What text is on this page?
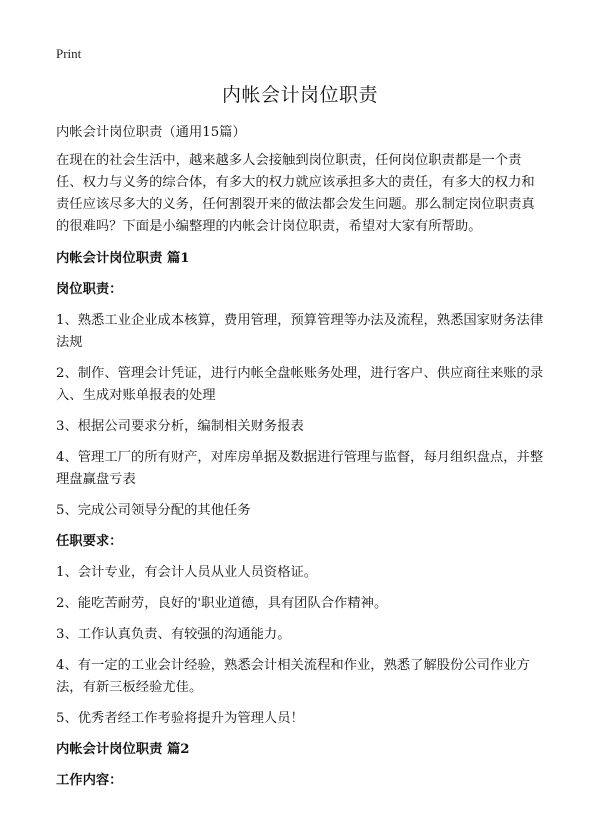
Print
内帐会计岗位职责

内帐会计岗位职责（通用15篇）

在现在的社会生活中，越来越多人会接触到岗位职责，任何岗位职责都是一个责任、权力与义务的综合体，有多大的权力就应该承担多大的责任，有多大的权力和责任应该尽多大的义务，任何割裂开来的做法都会发生问题。那么制定岗位职责真的很难吗？下面是小编整理的内帐会计岗位职责，希望对大家有所帮助。

内帐会计岗位职责 篇1

岗位职责：

1 、 熟悉工业企业成本核算，费用管理，预算管理等办法及流程，熟悉国家财务法律法规

2 、 制作、管理会计凭证，进行内帐全盘帐账务处理，进行客户、供应商往来账的录入、生成对账单报表的处理

3 、 根据公司要求分析，编制相关财务报表

4 、 管理工厂的所有财产，对库房单据及数据进行管理与监督，每月组织盘点，并整理盘赢盘亏表

5 、 完成公司领导分配的其他任务

任职要求：

1 、 会计专业，有会计人员从业人员资格证。

2 、 能吃苦耐劳，良好的'职业道德，具有团队合作精神。

3 、 工作认真负责、有较强的沟通能力。

4 、 有一定的工业会计经验，熟悉会计相关流程和作业，熟悉了解股份公司作业方法，有新三板经验尤佳。

5 、 优秀者经工作考验将提升为管理人员！

内帐会计岗位职责 篇2

工作内容：
